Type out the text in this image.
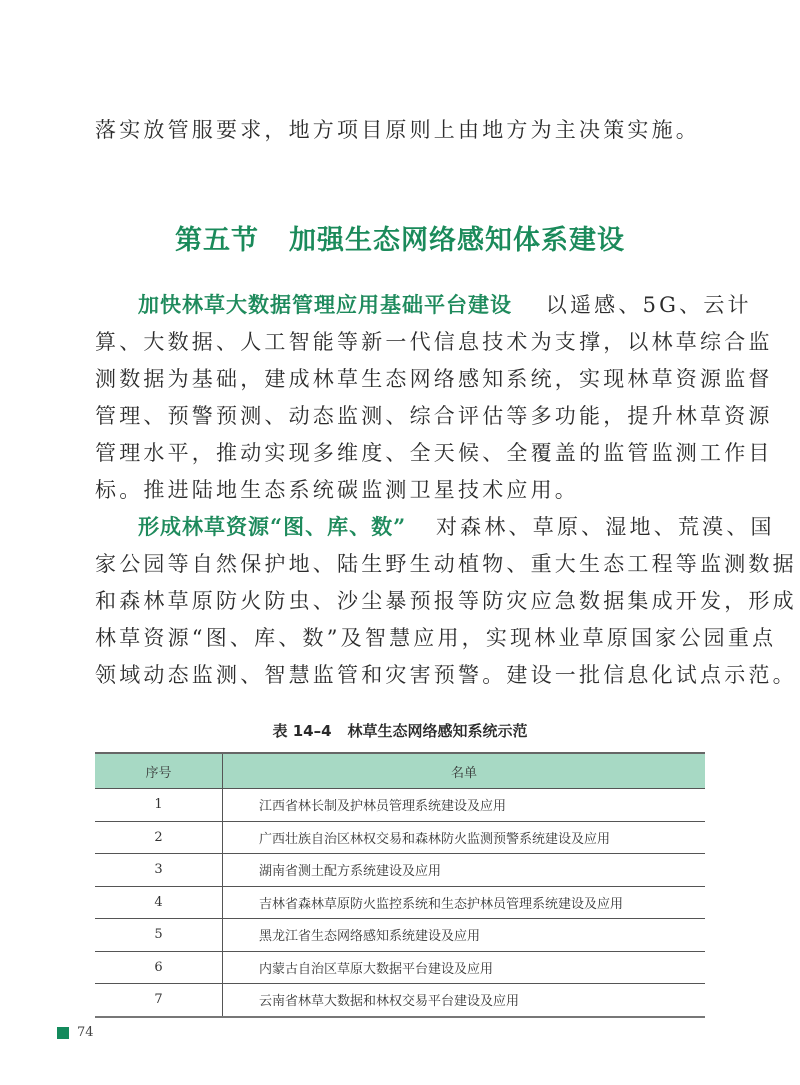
落实放管服要求，地方项目原则上由地方为主决策实施。
第五节 加强生态网络感知体系建设
加快林草大数据管理应用基础平台建设 以遥感、5G、云计
算、大数据、人工智能等新一代信息技术为支撑，以林草综合监
测数据为基础，建成林草生态网络感知系统，实现林草资源监督
管理、预警预测、动态监测、综合评估等多功能，提升林草资源
管理水平，推动实现多维度、全天候、全覆盖的监管监测工作目
标。推进陆地生态系统碳监测卫星技术应用。
形成林草资源“图、库、数” 对森林、草原、湿地、荒漠、国
家公园等自然保护地、陆生野生动植物、重大生态工程等监测数据
和森林草原防火防虫、沙尘暴预报等防灾应急数据集成开发，形成
林草资源“图、库、数”及智慧应用，实现林业草原国家公园重点
领域动态监测、智慧监管和灾害预警。建设一批信息化试点示范。
表 14–4 林草生态网络感知系统示范
序号	名单
1	江西省林长制及护林员管理系统建设及应用
2	广西壮族自治区林权交易和森林防火监测预警系统建设及应用
3	湖南省测土配方系统建设及应用
4	吉林省森林草原防火监控系统和生态护林员管理系统建设及应用
5	黑龙江省生态网络感知系统建设及应用
6	内蒙古自治区草原大数据平台建设及应用
7	云南省林草大数据和林权交易平台建设及应用
74
